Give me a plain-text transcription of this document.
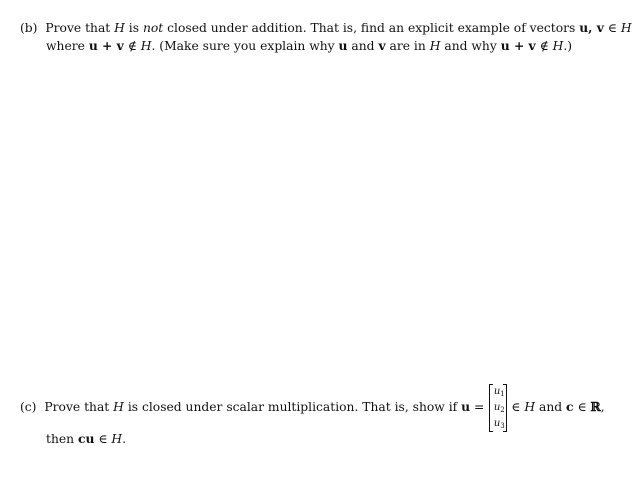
(b) Prove that H is not closed under addition. That is, find an explicit example of vectors u, v ∈ H
where u + v ∉ H. (Make sure you explain why u and v are in H and why u + v ∉ H.)
(c) Prove that H is closed under scalar multiplication. That is, show if u =
$u_1$
$u_2$
$u_3$
∈ H and c ∈ ℝ,
then cu ∈ H.
